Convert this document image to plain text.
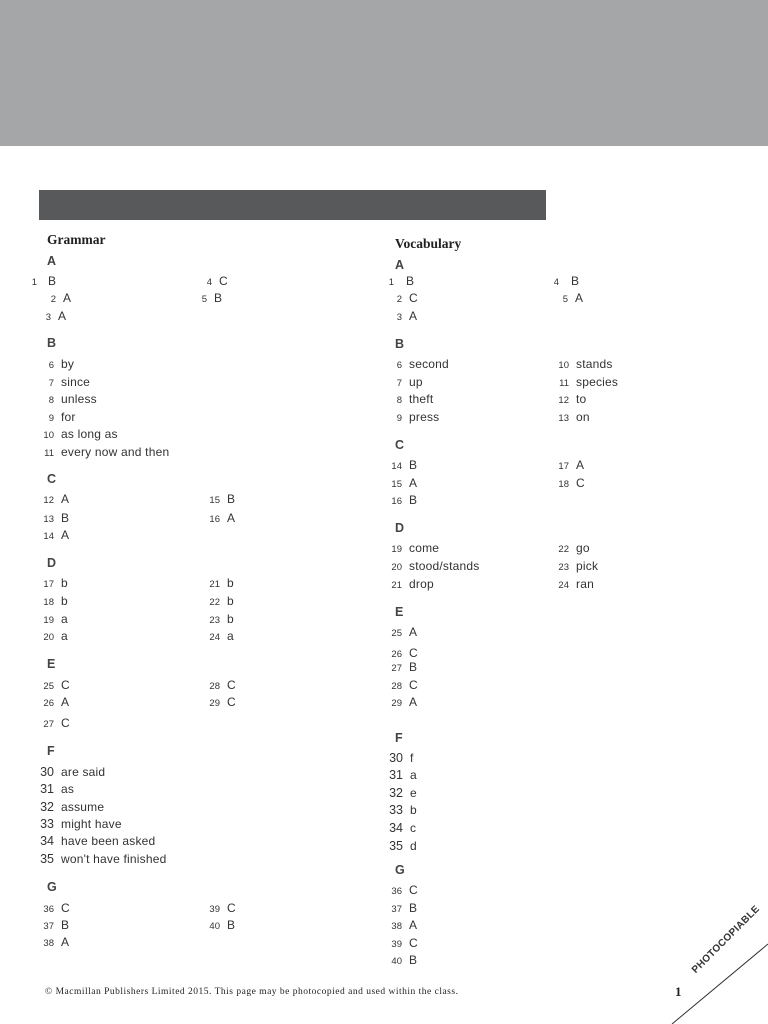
Grammar
A
1 B	4 C
2 A	5 B
3 A
B
6 by
7 since
8 unless
9 for
10 as long as
11 every now and then
C
12 A	15 B
13 B	16 A
14 A
D
17 b	21 b
18 b	22 b
19 a	23 b
20 a	24 a
E
25 C	28 C
26 A	29 C
27 C
F
30 are said
31 as
32 assume
33 might have
34 have been asked
35 won't have finished
G
36 C	39 C
37 B	40 B
38 A
Vocabulary
A
1 B	4 B
2 C	5 A
3 A
B
6 second	10 stands
7 up	11 species
8 theft	12 to
9 press	13 on
C
14 B	17 A
15 A	18 C
16 B
D
19 come	22 go
20 stood/stands	23 pick
21 drop	24 ran
E
25 A
26 C
27 B
28 C
29 A
F
30 f
31 a
32 e
33 b
34 c
35 d
G
36 C
37 B
38 A
39 C
40 B
© Macmillan Publishers Limited 2015. This page may be photocopied and used within the class.	1
PHOTOCOPIABLE
